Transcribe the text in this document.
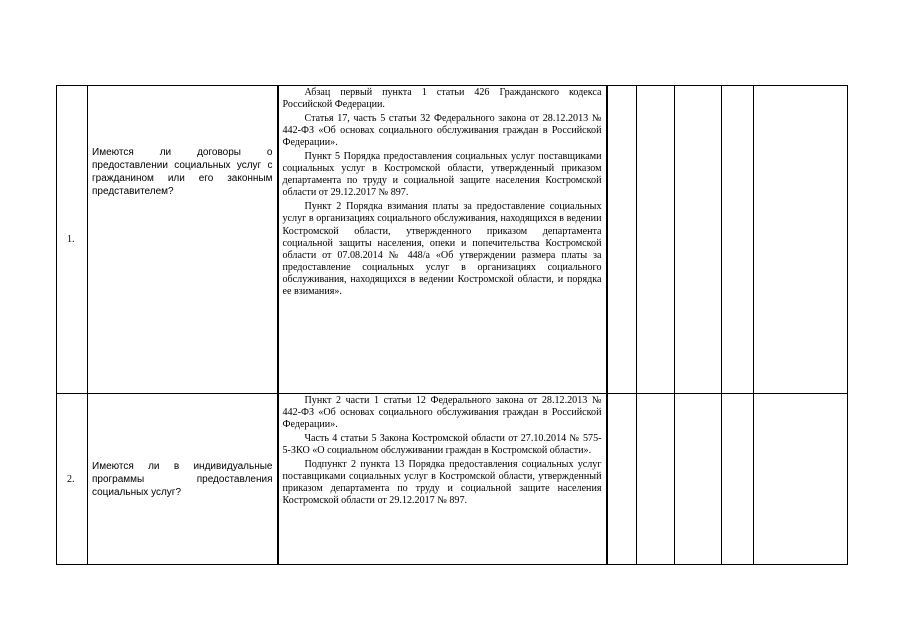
1.	Имеются ли договоры о предоставлении социальных услуг с гражданином или его законным представителем?	Абзац первый пункта 1 статьи 426 Гражданского кодекса Российской Федерации.

Статья 17, часть 5 статьи 32 Федерального закона от 28.12.2013 № 442-ФЗ «Об основах социального обслуживания граждан в Российской Федерации».

Пункт 5 Порядка предоставления социальных услуг поставщиками социальных услуг в Костромской области, утвержденный приказом департамента по труду и социальной защите населения Костромской области от 29.12.2017 № 897.

Пункт 2 Порядка взимания платы за предоставление социальных услуг в организациях социального обслуживания, находящихся в ведении Костромской области, утвержденного приказом департамента социальной защиты населения, опеки и попечительства Костромской области от 07.08.2014 № 448/а «Об утверждении размера платы за предоставление социальных услуг в организациях социального обслуживания, находящихся в ведении Костромской области, и порядка ее взимания».					

2.	Имеются ли в индивидуальные программы предоставления социальных услуг?	Пункт 2 части 1 статьи 12 Федерального закона от 28.12.2013 № 442-ФЗ «Об основах социального обслуживания граждан в Российской Федерации».

Часть 4 статьи 5 Закона Костромской области от 27.10.2014 № 575-5-ЗКО «О социальном обслуживании граждан в Костромской области».

Подпункт 2 пункта 13 Порядка предоставления социальных услуг поставщиками социальных услуг в Костромской области, утвержденный приказом департамента по труду и социальной защите населения Костромской области от 29.12.2017 № 897.					
